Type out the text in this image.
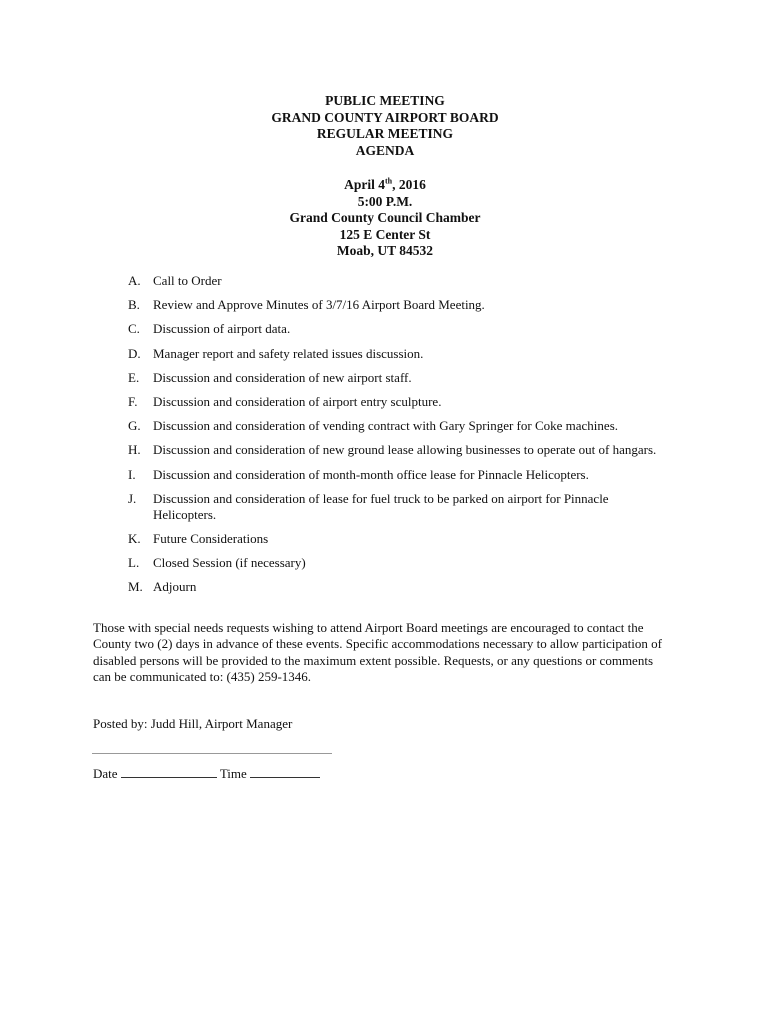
PUBLIC MEETING
GRAND COUNTY AIRPORT BOARD
REGULAR MEETING
AGENDA
April 4th, 2016
5:00 P.M.
Grand County Council Chamber
125 E Center St
Moab, UT 84532
A. Call to Order
B. Review and Approve Minutes of 3/7/16 Airport Board Meeting.
C. Discussion of airport data.
D. Manager report and safety related issues discussion.
E. Discussion and consideration of new airport staff.
F. Discussion and consideration of airport entry sculpture.
G. Discussion and consideration of vending contract with Gary Springer for Coke machines.
H. Discussion and consideration of new ground lease allowing businesses to operate out of hangars.
I. Discussion and consideration of month-month office lease for Pinnacle Helicopters.
J. Discussion and consideration of lease for fuel truck to be parked on airport for Pinnacle Helicopters.
K. Future Considerations
L. Closed Session (if necessary)
M. Adjourn
Those with special needs requests wishing to attend Airport Board meetings are encouraged to contact the County two (2) days in advance of these events. Specific accommodations necessary to allow participation of disabled persons will be provided to the maximum extent possible. Requests, or any questions or comments can be communicated to: (435) 259-1346.
Posted by: Judd Hill, Airport Manager
Date	Time
